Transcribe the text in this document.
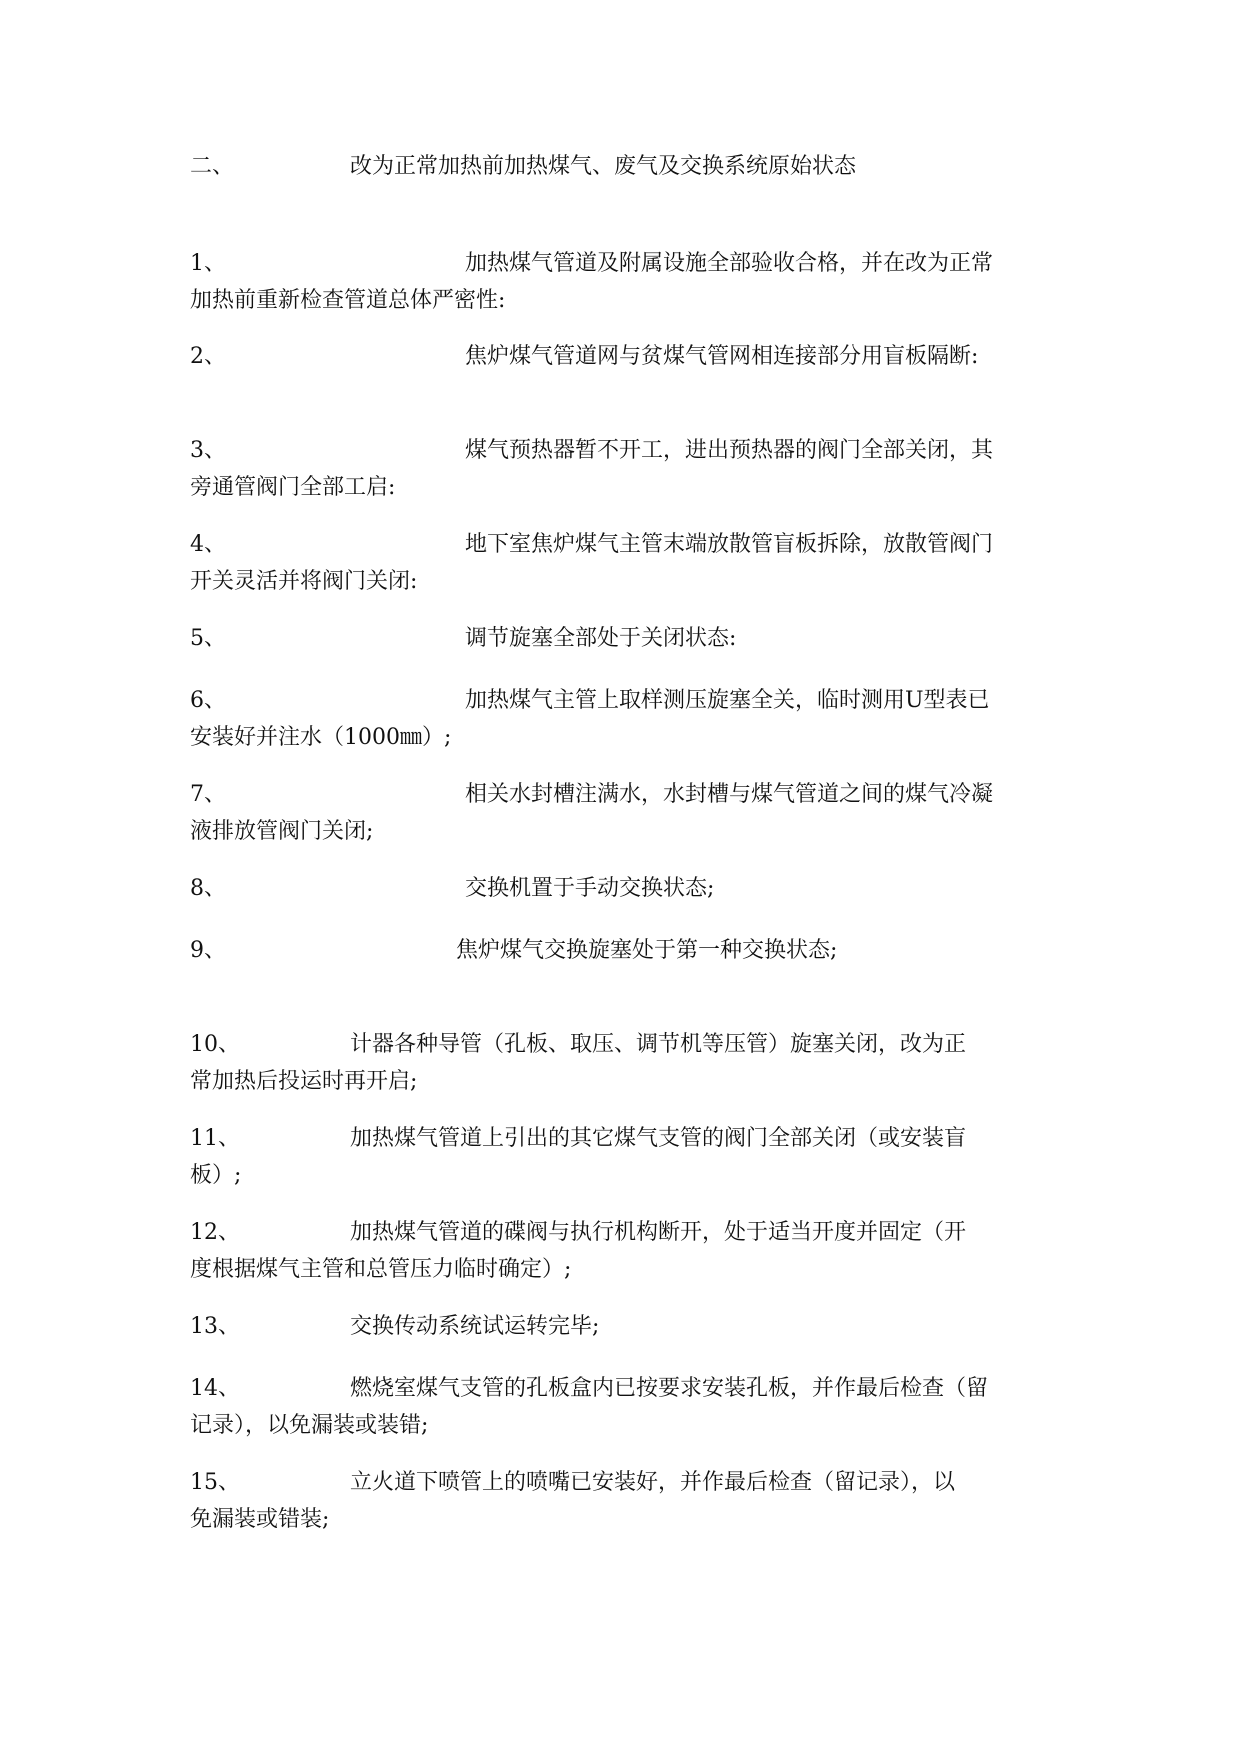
二、	改为正常加热前加热煤气、废气及交换系统原始状态
1、	加热煤气管道及附属设施全部验收合格，并在改为正常
加热前重新检查管道总体严密性:
2、	焦炉煤气管道网与贫煤气管网相连接部分用盲板隔断:
3、	煤气预热器暂不开工，进出预热器的阀门全部关闭，其
旁通管阀门全部工启:
4、	地下室焦炉煤气主管末端放散管盲板拆除，放散管阀门
开关灵活并将阀门关闭:
5、	调节旋塞全部处于关闭状态:
6、	加热煤气主管上取样测压旋塞全关，临时测用U型表已
安装好并注水（1000㎜）;
7、	相关水封槽注满水，水封槽与煤气管道之间的煤气冷凝
液排放管阀门关闭;
8、	交换机置于手动交换状态;
9、	焦炉煤气交换旋塞处于第一种交换状态;
10、	计器各种导管（孔板、取压、调节机等压管）旋塞关闭，改为正
常加热后投运时再开启;
11、	加热煤气管道上引出的其它煤气支管的阀门全部关闭（或安装盲
板）;
12、	加热煤气管道的碟阀与执行机构断开，处于适当开度并固定（开
度根据煤气主管和总管压力临时确定）;
13、	交换传动系统试运转完毕;
14、	燃烧室煤气支管的孔板盒内已按要求安装孔板，并作最后检查（留
记录），以免漏装或装错;
15、	立火道下喷管上的喷嘴已安装好，并作最后检查（留记录），以
免漏装或错装;
